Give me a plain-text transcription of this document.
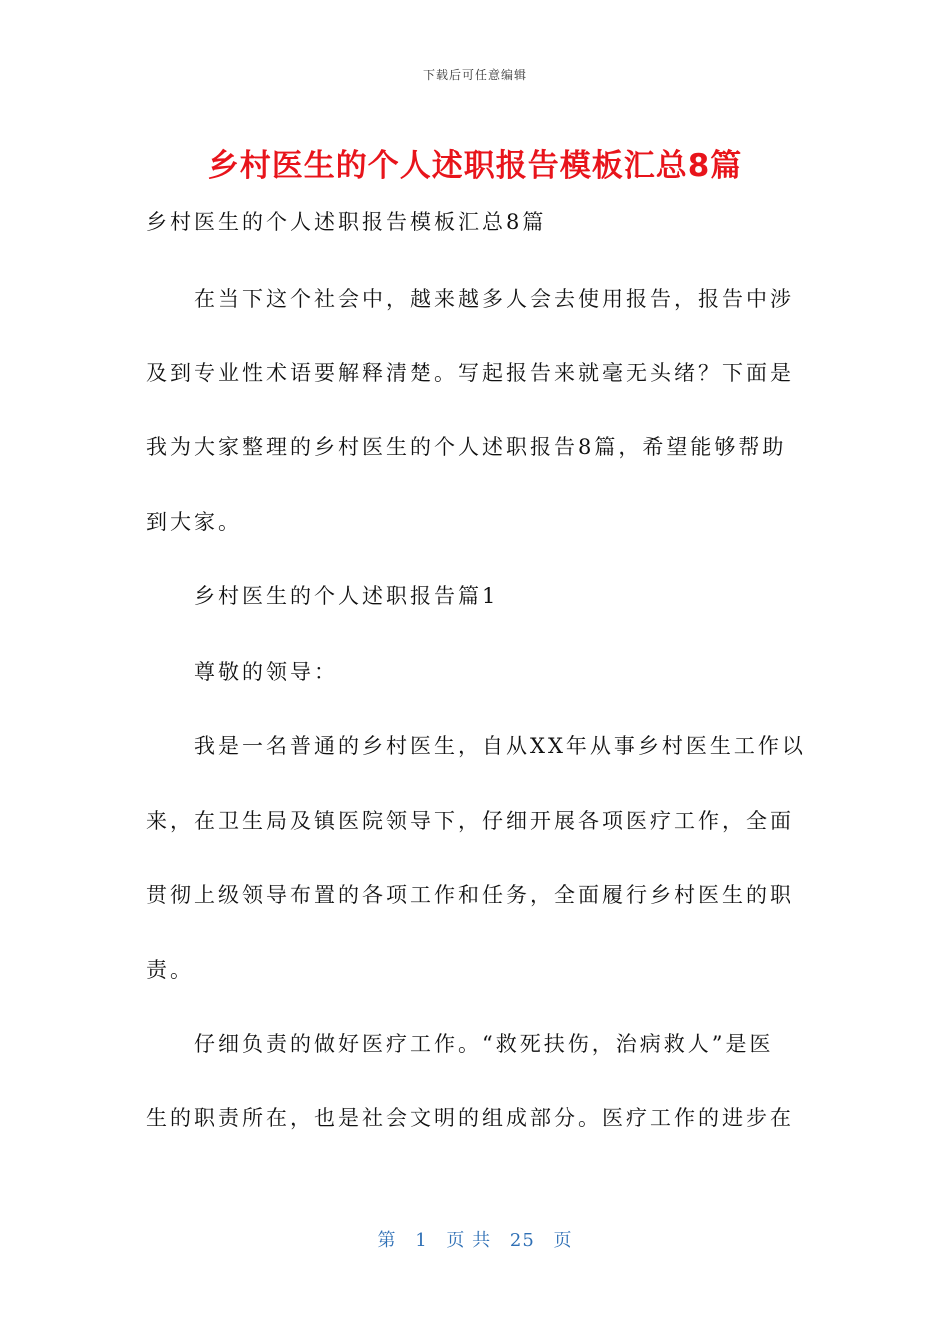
下载后可任意编辑
乡村医生的个人述职报告模板汇总8篇
乡村医生的个人述职报告模板汇总8篇
在当下这个社会中，越来越多人会去使用报告，报告中涉
及到专业性术语要解释清楚。写起报告来就毫无头绪？下面是
我为大家整理的乡村医生的个人述职报告8篇，希望能够帮助
到大家。
乡村医生的个人述职报告篇1
尊敬的领导：
我是一名普通的乡村医生，自从XX年从事乡村医生工作以
来，在卫生局及镇医院领导下，仔细开展各项医疗工作，全面
贯彻上级领导布置的各项工作和任务，全面履行乡村医生的职
责。
仔细负责的做好医疗工作。“救死扶伤，治病救人”是医
生的职责所在，也是社会文明的组成部分。医疗工作的进步在
第 1 页 共 25 页
